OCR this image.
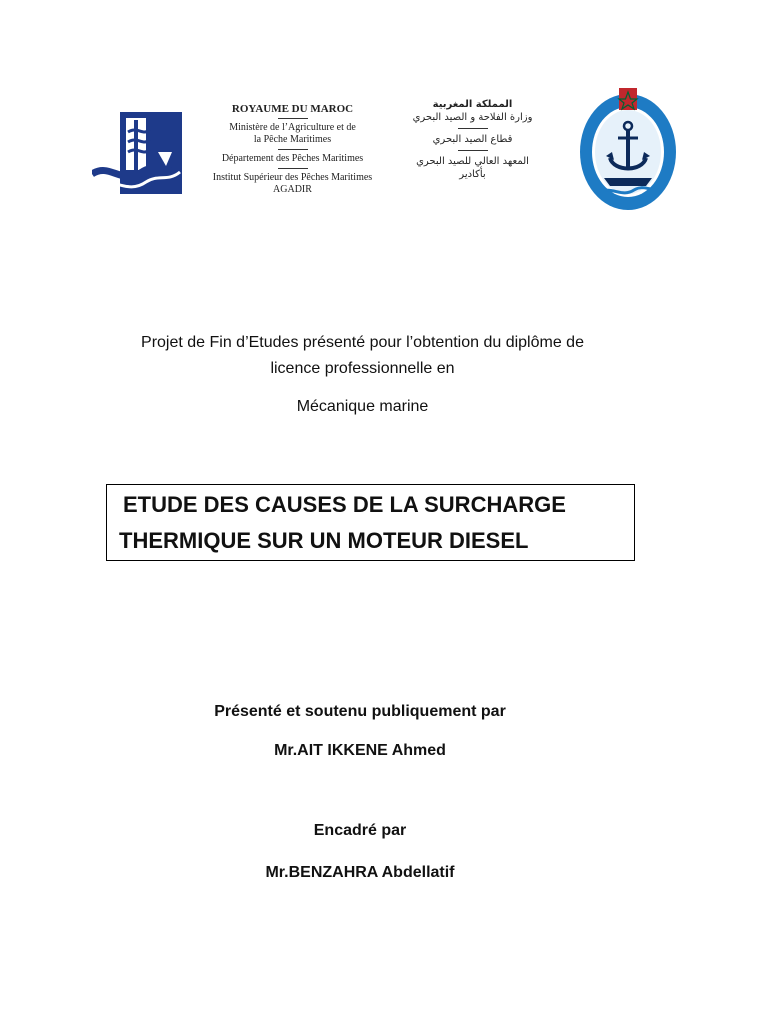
ROYAUME DU MAROC
Ministère de l’Agriculture et de
la Pêche Maritimes
Département des Pêches Maritimes
Institut Supérieur des Pêches Maritimes
AGADIR
المملكة المغربية
وزارة الفلاحة و الصيد البحري
قطاع الصيد البحري
المعهد العالي للصيد البحري
بأكادير
Projet de Fin d’Etudes présenté pour l’obtention du diplôme de
licence professionnelle en
Mécanique marine
ETUDE DES CAUSES DE LA SURCHARGE
THERMIQUE SUR UN MOTEUR DIESEL
Présenté et soutenu publiquement par
Mr.AIT IKKENE Ahmed
Encadré par
Mr.BENZAHRA Abdellatif
